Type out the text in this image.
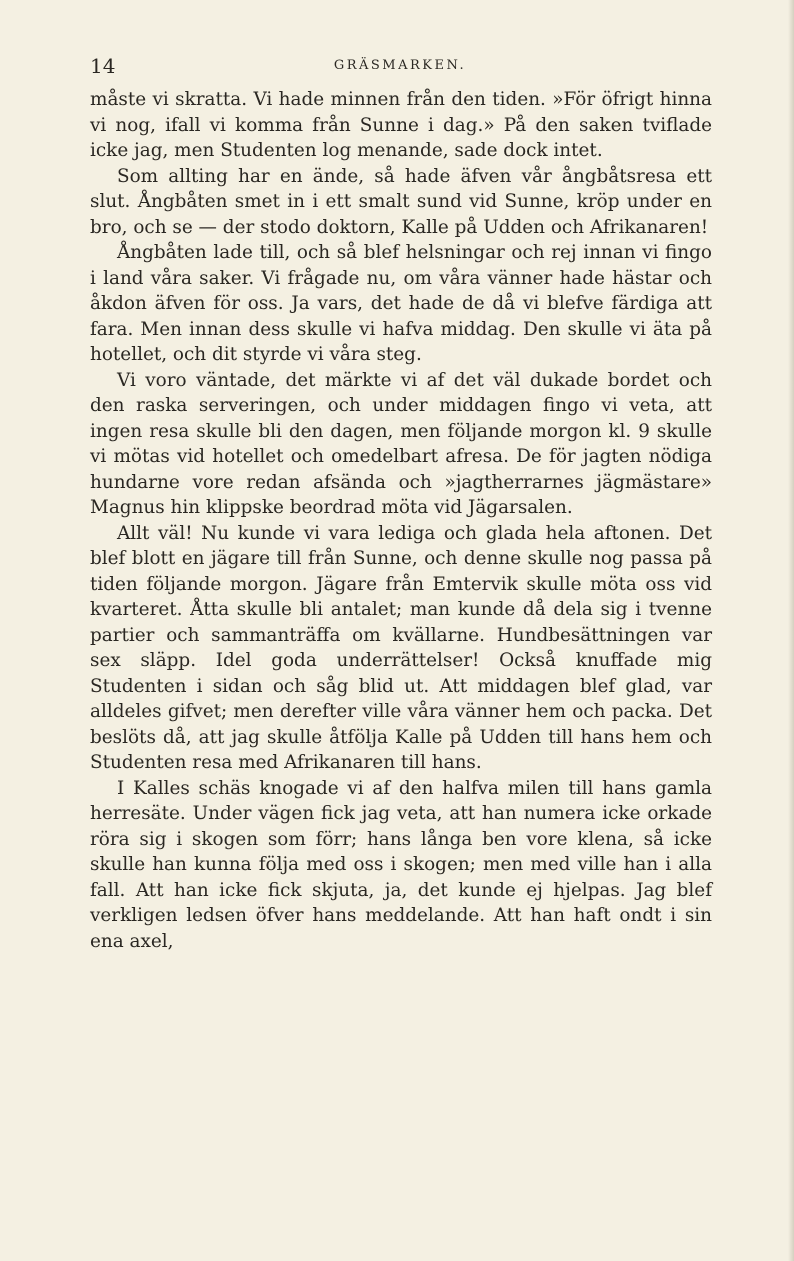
14	GRÄSMARKEN.

måste vi skratta. Vi hade minnen från den tiden. »För öfrigt hinna vi nog, ifall vi komma från Sunne i dag.» På den saken tviflade icke jag, men Studenten log menande, sade dock intet.

Som allting har en ände, så hade äfven vår ångbåtsresa ett slut. Ångbåten smet in i ett smalt sund vid Sunne, kröp under en bro, och se — der stodo doktorn, Kalle på Udden och Afrikanaren!

Ångbåten lade till, och så blef helsningar och rej innan vi fingo i land våra saker. Vi frågade nu, om våra vänner hade hästar och åkdon äfven för oss. Ja vars, det hade de då vi blefve färdiga att fara. Men innan dess skulle vi hafva middag. Den skulle vi äta på hotellet, och dit styrde vi våra steg.

Vi voro väntade, det märkte vi af det väl dukade bordet och den raska serveringen, och under middagen fingo vi veta, att ingen resa skulle bli den dagen, men följande morgon kl. 9 skulle vi mötas vid hotellet och omedelbart afresa. De för jagten nödiga hundarne vore redan afsända och »jagtherrarnes jägmästare» Magnus hin klippske beordrad möta vid Jägarsalen.

Allt väl! Nu kunde vi vara lediga och glada hela aftonen. Det blef blott en jägare till från Sunne, och denne skulle nog passa på tiden följande morgon. Jägare från Emtervik skulle möta oss vid kvarteret. Åtta skulle bli antalet; man kunde då dela sig i tvenne partier och sammanträffa om kvällarne. Hundbesättningen var sex släpp. Idel goda underrättelser! Också knuffade mig Studenten i sidan och såg blid ut. Att middagen blef glad, var alldeles gifvet; men derefter ville våra vänner hem och packa. Det beslöts då, att jag skulle åtfölja Kalle på Udden till hans hem och Studenten resa med Afrikanaren till hans.

I Kalles schäs knogade vi af den halfva milen till hans gamla herresäte. Under vägen fick jag veta, att han numera icke orkade röra sig i skogen som förr; hans långa ben vore klena, så icke skulle han kunna följa med oss i skogen; men med ville han i alla fall. Att han icke fick skjuta, ja, det kunde ej hjelpas. Jag blef verkligen ledsen öfver hans meddelande. Att han haft ondt i sin ena axel,
